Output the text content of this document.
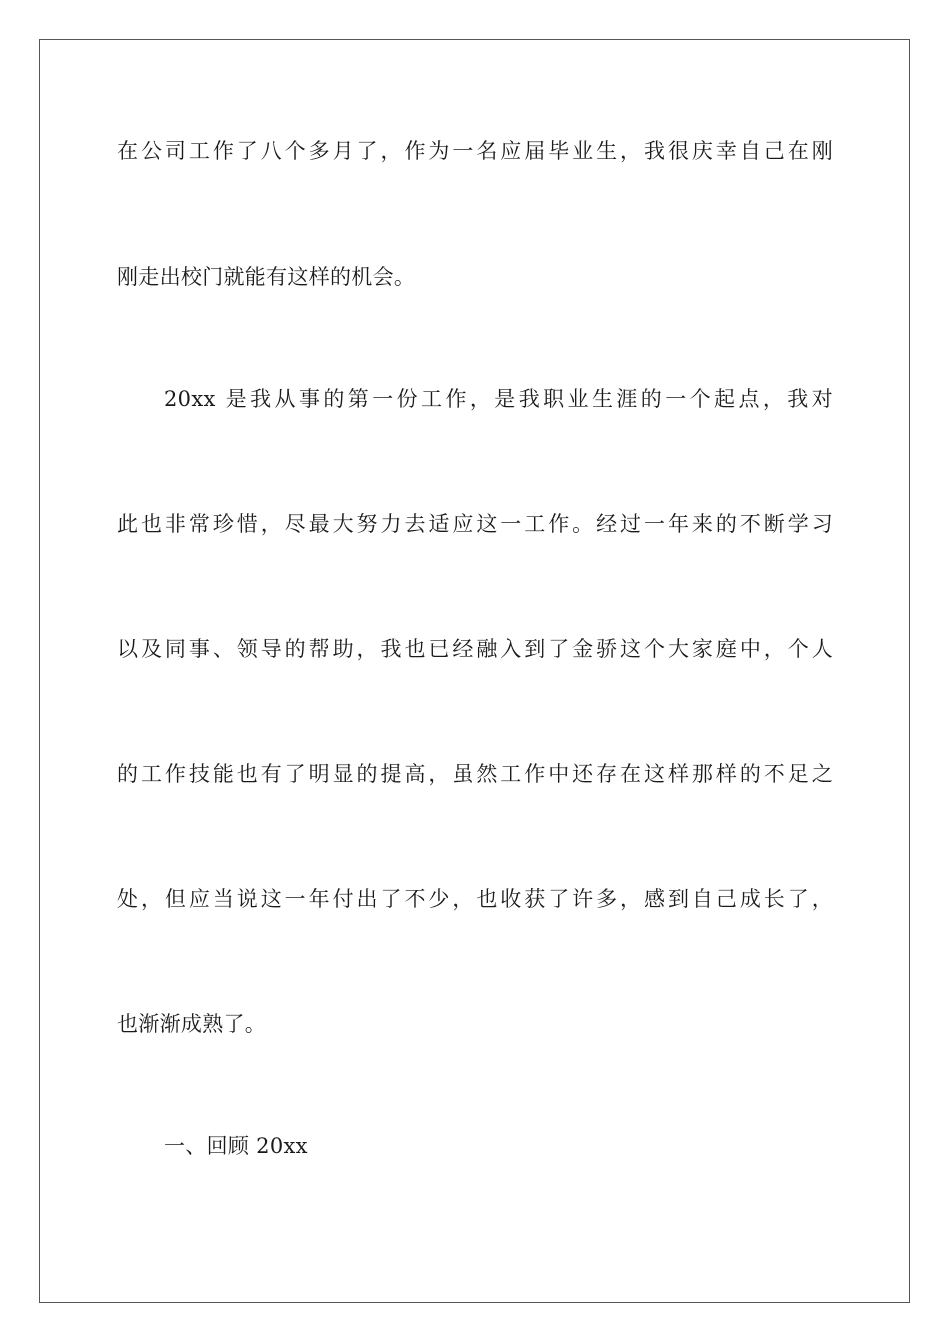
在公司工作了八个多月了，作为一名应届毕业生，我很庆幸自己在刚
刚走出校门就能有这样的机会。
20xx 是我从事的第一份工作，是我职业生涯的一个起点，我对
此也非常珍惜，尽最大努力去适应这一工作。经过一年来的不断学习
以及同事、领导的帮助，我也已经融入到了金骄这个大家庭中，个人
的工作技能也有了明显的提高，虽然工作中还存在这样那样的不足之
处，但应当说这一年付出了不少，也收获了许多，感到自己成长了，
也渐渐成熟了。
一、回顾 20xx
